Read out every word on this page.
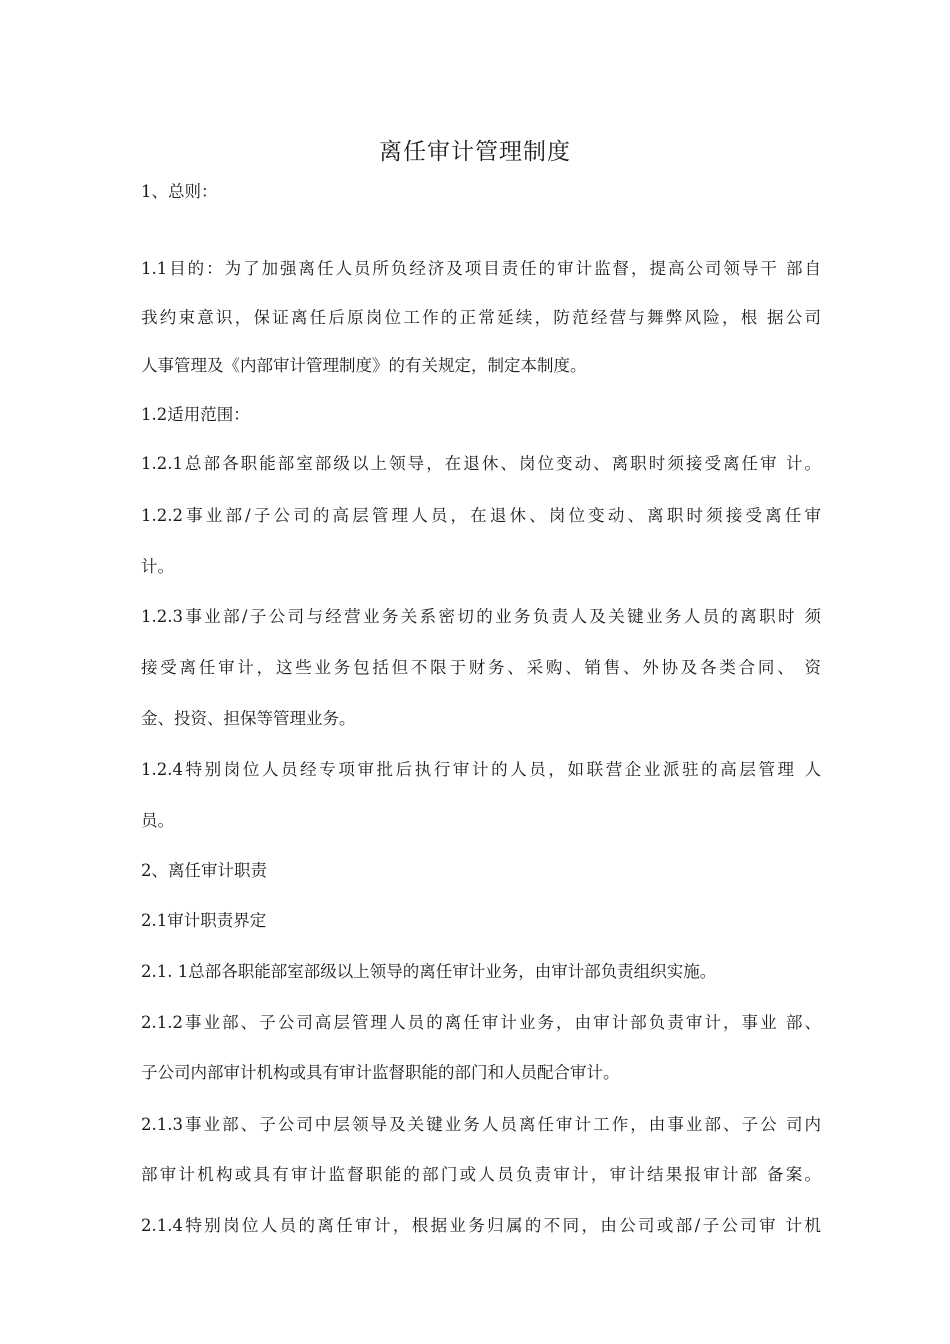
离任审计管理制度
1、总则：
1.1目的：为了加强离任人员所负经济及项目责任的审计监督，提高公司领导干 部自
我约束意识，保证离任后原岗位工作的正常延续，防范经营与舞弊风险，根 据公司
人事管理及《内部审计管理制度》的有关规定，制定本制度。
1.2适用范围：
1.2.1总部各职能部室部级以上领导，在退休、岗位变动、离职时须接受离任审 计。
1.2.2事业部/子公司的高层管理人员，在退休、岗位变动、离职时须接受离任审
计。
1.2.3事业部/子公司与经营业务关系密切的业务负责人及关键业务人员的离职时 须
接受离任审计，这些业务包括但不限于财务、采购、销售、外协及各类合同、 资
金、投资、担保等管理业务。
1.2.4特别岗位人员经专项审批后执行审计的人员，如联营企业派驻的高层管理 人
员。
2、离任审计职责
2.1审计职责界定
2.1. 1总部各职能部室部级以上领导的离任审计业务，由审计部负责组织实施。
2.1.2事业部、子公司高层管理人员的离任审计业务，由审计部负责审计，事业 部、
子公司内部审计机构或具有审计监督职能的部门和人员配合审计。
2.1.3事业部、子公司中层领导及关键业务人员离任审计工作，由事业部、子公 司内
部审计机构或具有审计监督职能的部门或人员负责审计，审计结果报审计部 备案。
2.1.4特别岗位人员的离任审计，根据业务归属的不同，由公司或部/子公司审 计机
